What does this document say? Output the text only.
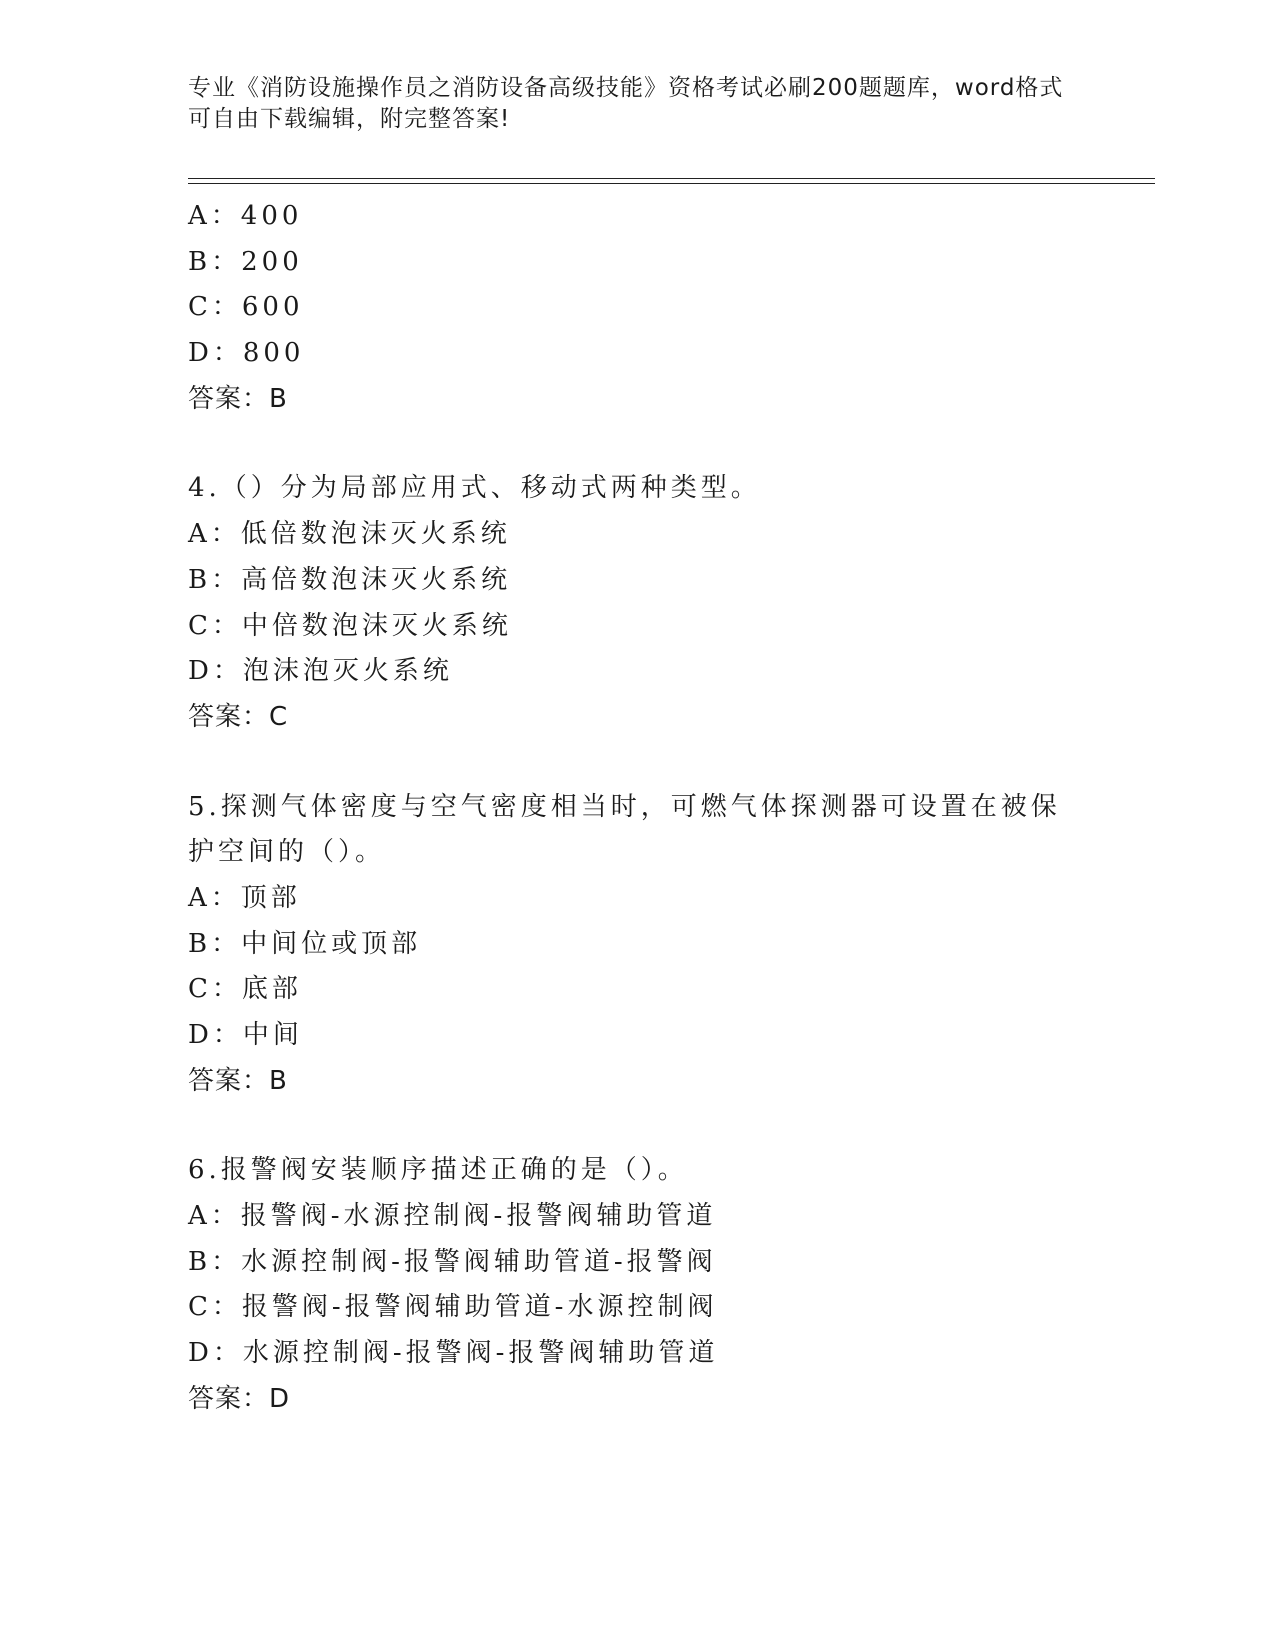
专业《消防设施操作员之消防设备高级技能》资格考试必刷200题题库，word格式可自由下载编辑，附完整答案!
A：400
B：200
C：600
D：800
答案：B
4.（）分为局部应用式、移动式两种类型。
A：低倍数泡沫灭火系统
B：高倍数泡沫灭火系统
C：中倍数泡沫灭火系统
D：泡沫泡灭火系统
答案：C
5.探测气体密度与空气密度相当时，可燃气体探测器可设置在被保护空间的（）。
A：顶部
B：中间位或顶部
C：底部
D：中间
答案：B
6.报警阀安装顺序描述正确的是（）。
A：报警阀-水源控制阀-报警阀辅助管道
B：水源控制阀-报警阀辅助管道-报警阀
C：报警阀-报警阀辅助管道-水源控制阀
D：水源控制阀-报警阀-报警阀辅助管道
答案：D
